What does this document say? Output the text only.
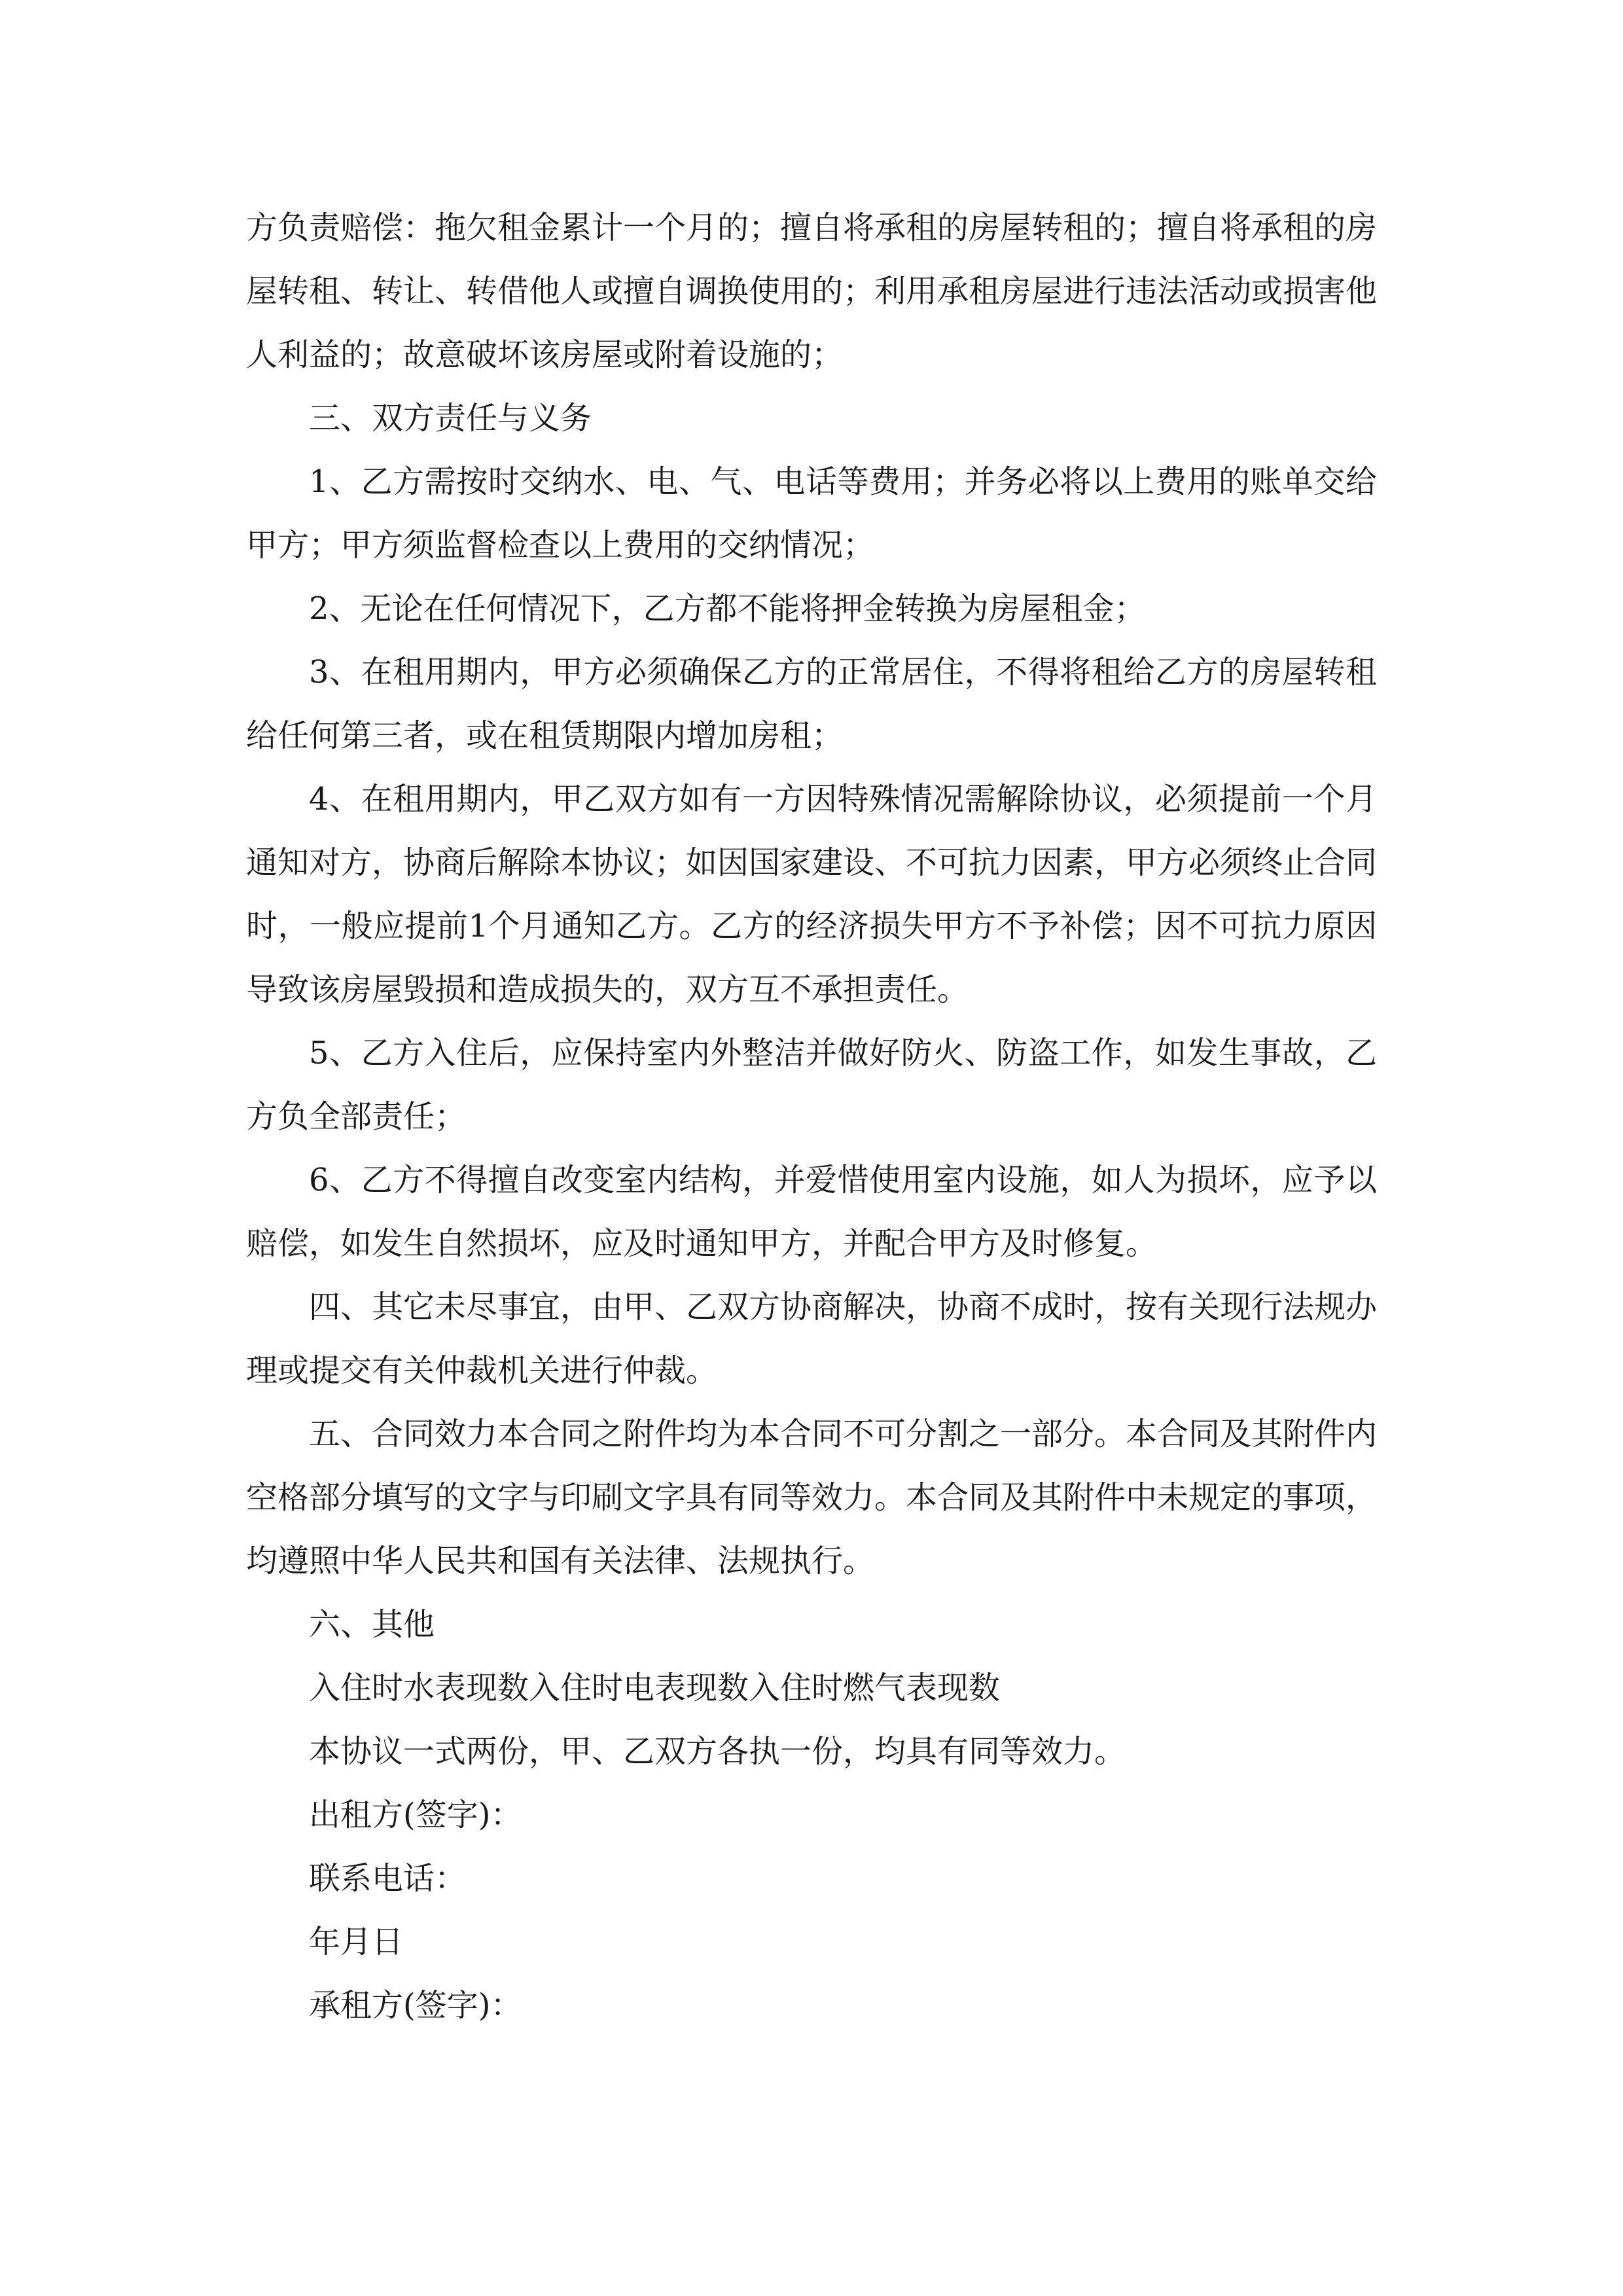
方负责赔偿：拖欠租金累计一个月的；擅自将承租的房屋转租的；擅自将承租的房屋转租、转让、转借他人或擅自调换使用的；利用承租房屋进行违法活动或损害他人利益的；故意破坏该房屋或附着设施的；

三、双方责任与义务

1、乙方需按时交纳水、电、气、电话等费用；并务必将以上费用的账单交给甲方；甲方须监督检查以上费用的交纳情况；

2、无论在任何情况下，乙方都不能将押金转换为房屋租金；

3、在租用期内，甲方必须确保乙方的正常居住，不得将租给乙方的房屋转租给任何第三者，或在租赁期限内增加房租；

4、在租用期内，甲乙双方如有一方因特殊情况需解除协议，必须提前一个月通知对方，协商后解除本协议；如因国家建设、不可抗力因素，甲方必须终止合同时，一般应提前1个月通知乙方。乙方的经济损失甲方不予补偿；因不可抗力原因导致该房屋毁损和造成损失的，双方互不承担责任。

5、乙方入住后，应保持室内外整洁并做好防火、防盗工作，如发生事故，乙方负全部责任；

6、乙方不得擅自改变室内结构，并爱惜使用室内设施，如人为损坏，应予以赔偿，如发生自然损坏，应及时通知甲方，并配合甲方及时修复。

四、其它未尽事宜，由甲、乙双方协商解决，协商不成时，按有关现行法规办理或提交有关仲裁机关进行仲裁。

五、合同效力本合同之附件均为本合同不可分割之一部分。本合同及其附件内空格部分填写的文字与印刷文字具有同等效力。本合同及其附件中未规定的事项，均遵照中华人民共和国有关法律、法规执行。

六、其他

入住时水表现数入住时电表现数入住时燃气表现数

本协议一式两份，甲、乙双方各执一份，均具有同等效力。

出租方(签字)：

联系电话：

年月日

承租方(签字)：
